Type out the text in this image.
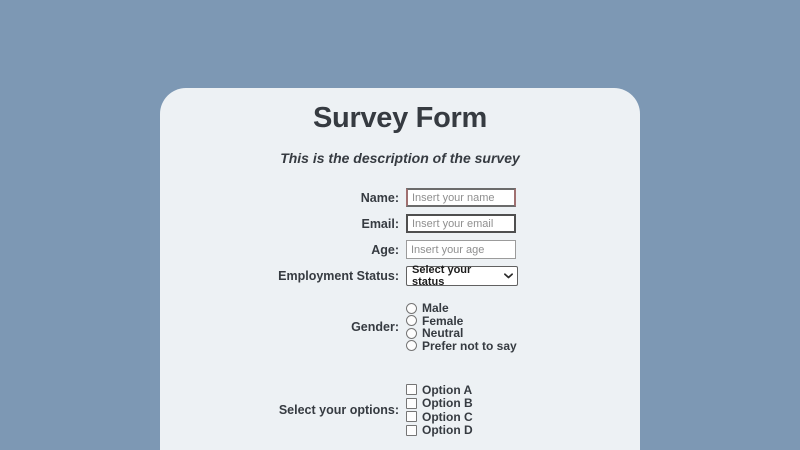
Survey Form

This is the description of the survey

Name:
Insert your name
Email:
Insert your email
Age:
Insert your age
Employment Status:	Select your status
Gender:
Male
Female
Neutral
Prefer not to say
Select your options:
Option A
Option B
Option C
Option D
